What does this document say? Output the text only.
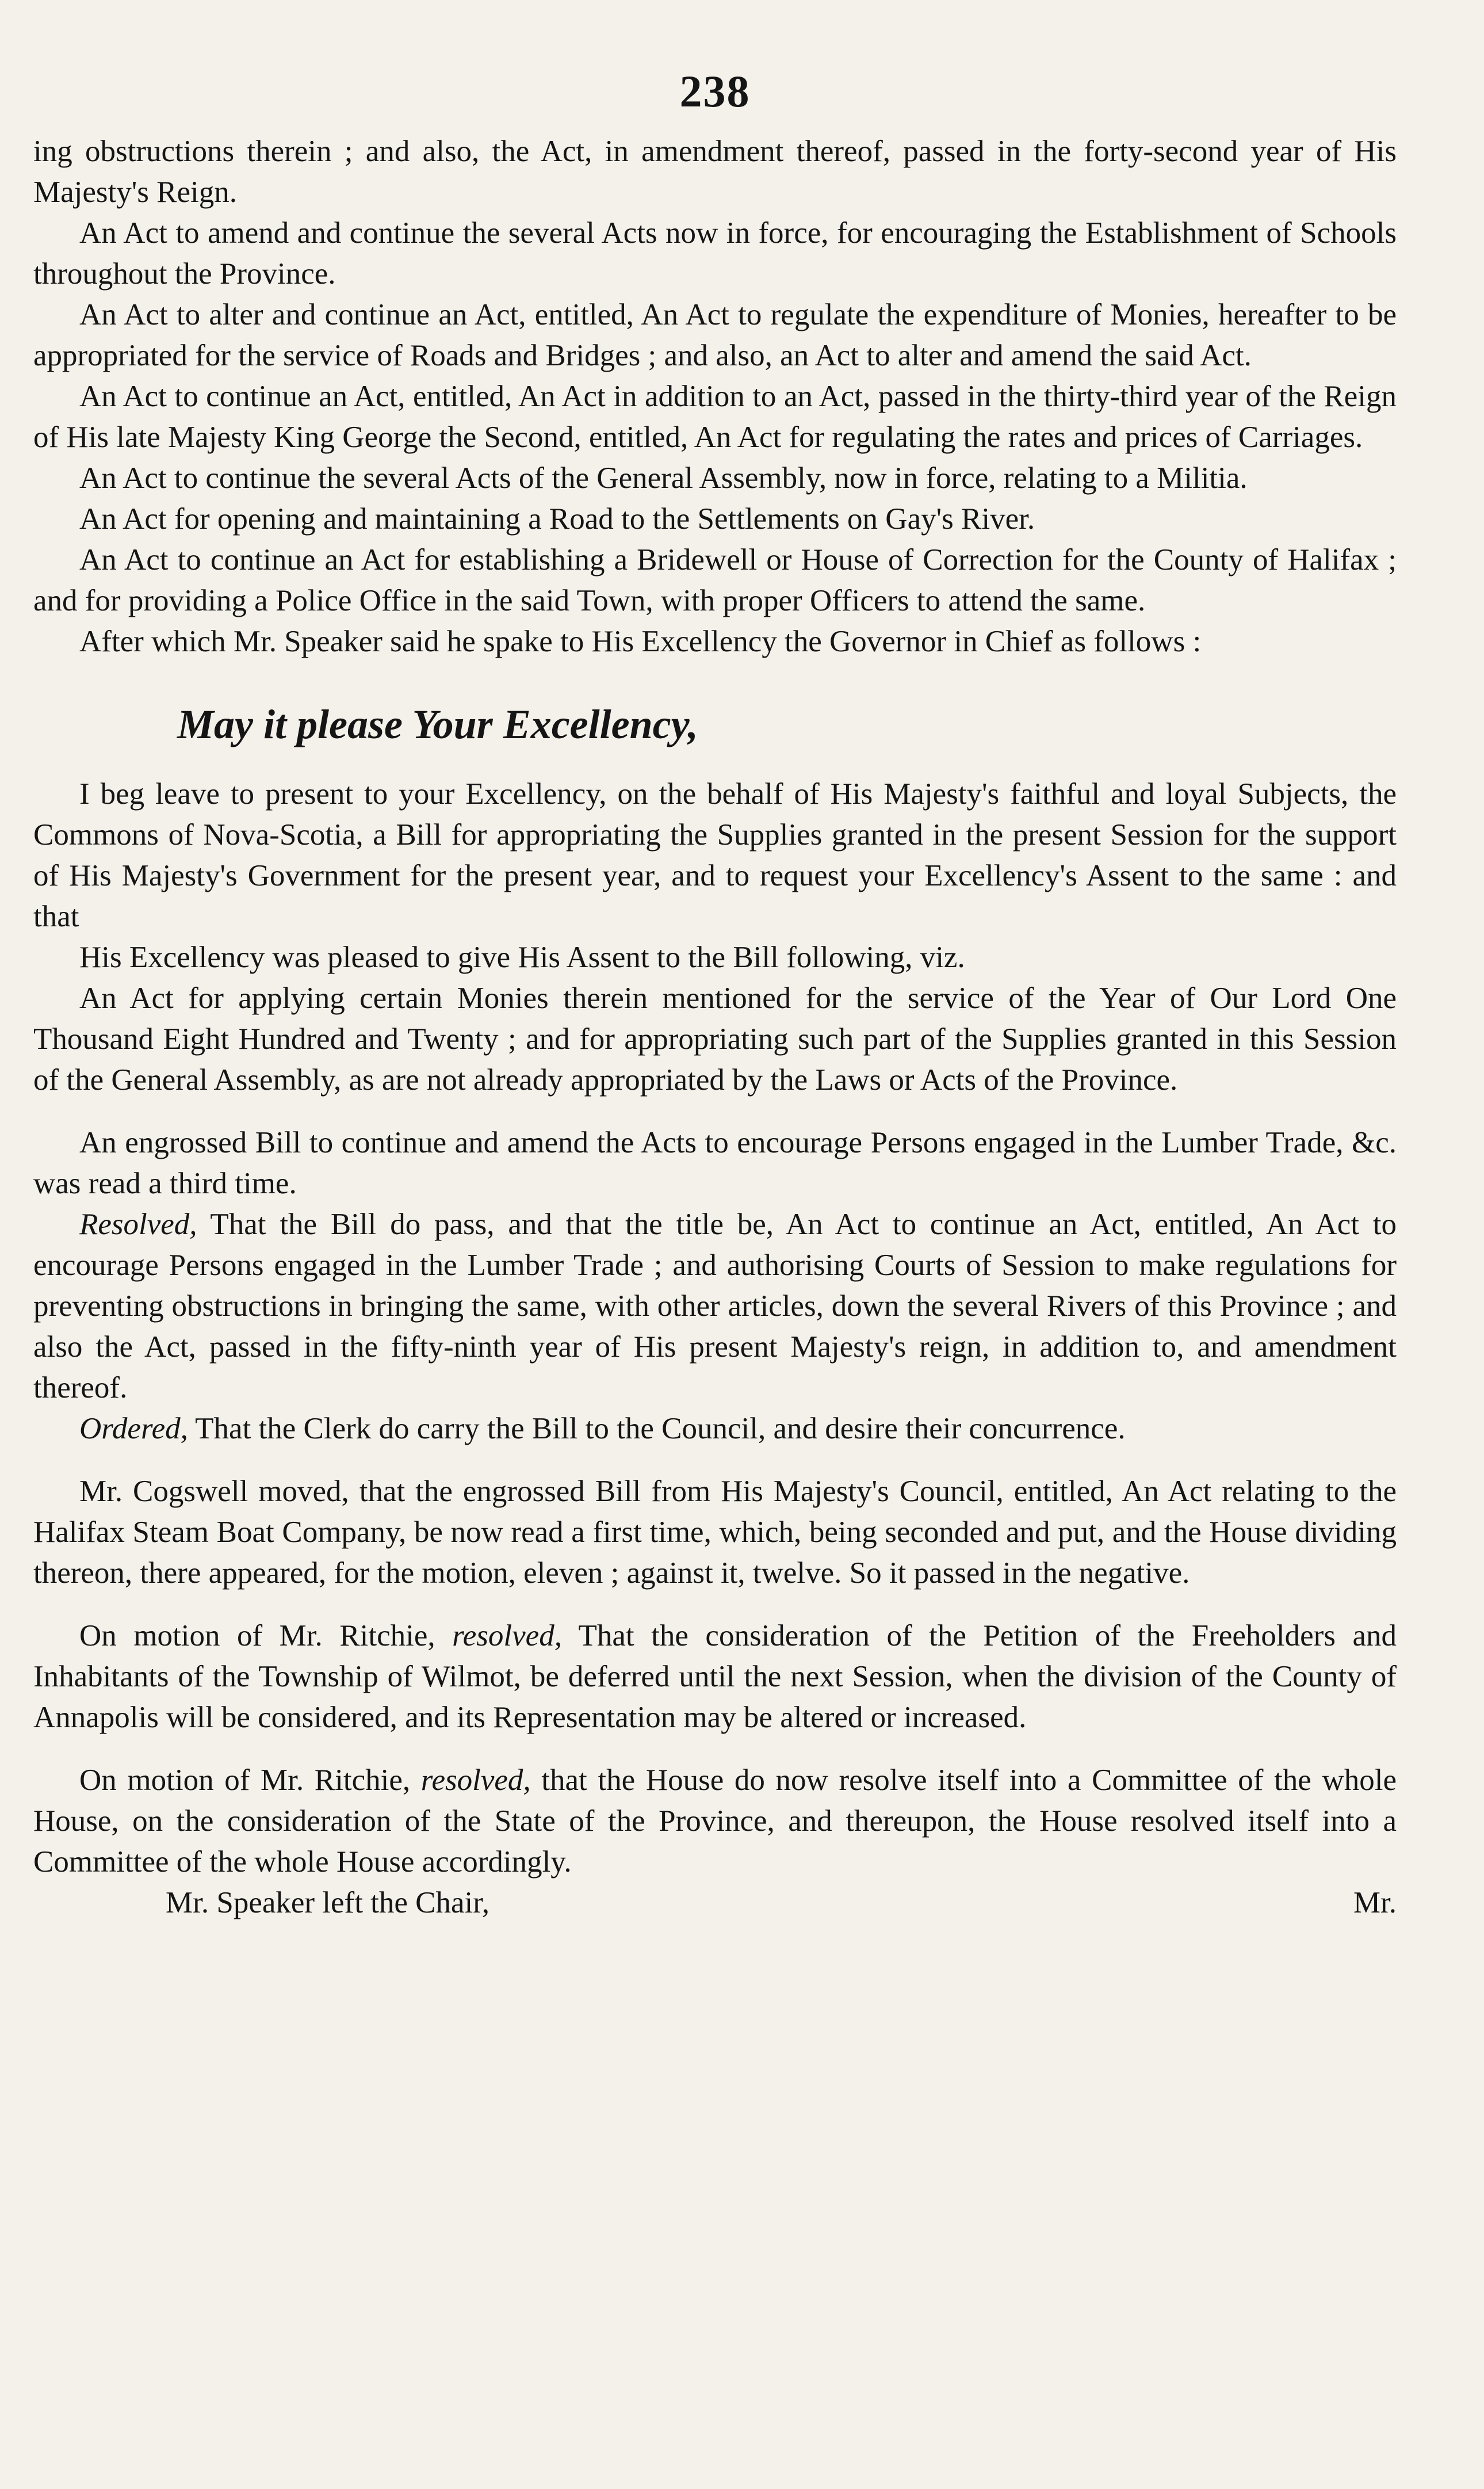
238

ing obstructions therein ; and also, the Act, in amendment thereof, passed in the forty-second year of His Majesty's Reign.

An Act to amend and continue the several Acts now in force, for encouraging the Establishment of Schools throughout the Province.

An Act to alter and continue an Act, entitled, An Act to regulate the expenditure of Monies, hereafter to be appropriated for the service of Roads and Bridges ; and also, an Act to alter and amend the said Act.

An Act to continue an Act, entitled, An Act in addition to an Act, passed in the thirty-third year of the Reign of His late Majesty King George the Second, entitled, An Act for regulating the rates and prices of Carriages.

An Act to continue the several Acts of the General Assembly, now in force, relating to a Militia.

An Act for opening and maintaining a Road to the Settlements on Gay's River.

An Act to continue an Act for establishing a Bridewell or House of Correction for the County of Halifax ; and for providing a Police Office in the said Town, with proper Officers to attend the same.

After which Mr. Speaker said he spake to His Excellency the Governor in Chief as follows :

May it please Your Excellency,

I beg leave to present to your Excellency, on the behalf of His Majesty's faithful and loyal Subjects, the Commons of Nova-Scotia, a Bill for appropriating the Supplies granted in the present Session for the support of His Majesty's Government for the present year, and to request your Excellency's Assent to the same : and that

His Excellency was pleased to give His Assent to the Bill following, viz.

An Act for applying certain Monies therein mentioned for the service of the Year of Our Lord One Thousand Eight Hundred and Twenty ; and for appropriating such part of the Supplies granted in this Session of the General Assembly, as are not already appropriated by the Laws or Acts of the Province.

An engrossed Bill to continue and amend the Acts to encourage Persons engaged in the Lumber Trade, &c. was read a third time.

Resolved, That the Bill do pass, and that the title be, An Act to continue an Act, entitled, An Act to encourage Persons engaged in the Lumber Trade ; and authorising Courts of Session to make regulations for preventing obstructions in bringing the same, with other articles, down the several Rivers of this Province ; and also the Act, passed in the fifty-ninth year of His present Majesty's reign, in addition to, and amendment thereof.

Ordered, That the Clerk do carry the Bill to the Council, and desire their concurrence.

Mr. Cogswell moved, that the engrossed Bill from His Majesty's Council, entitled, An Act relating to the Halifax Steam Boat Company, be now read a first time, which, being seconded and put, and the House dividing thereon, there appeared, for the motion, eleven ; against it, twelve. So it passed in the negative.

On motion of Mr. Ritchie, resolved, That the consideration of the Petition of the Freeholders and Inhabitants of the Township of Wilmot, be deferred until the next Session, when the division of the County of Annapolis will be considered, and its Representation may be altered or increased.

On motion of Mr. Ritchie, resolved, that the House do now resolve itself into a Committee of the whole House, on the consideration of the State of the Province, and thereupon, the House resolved itself into a Committee of the whole House accordingly.

Mr. Speaker left the Chair,	Mr.
